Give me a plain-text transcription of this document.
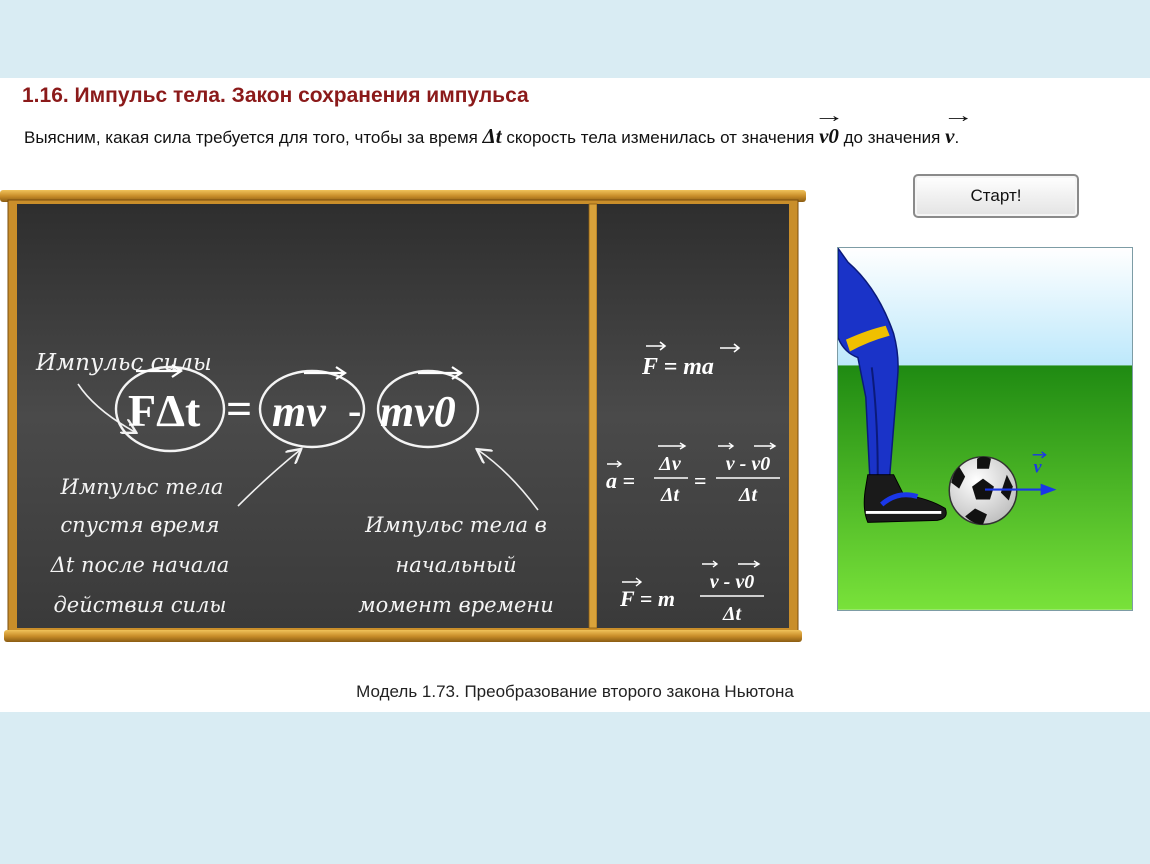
1.16. Импульс тела. Закон сохранения импульса
Выясним, какая сила требуется для того, чтобы за время Δt скорость тела изменилась от значения → v0 до значения → v.
Старт!
Импульс силы
FΔt = mv - mv0
Импульс тела
спустя время
Δt после начала
действия силы
Импульс тела в
начальный
момент времени
F = ma
a =
Δv
Δt
=
v - v0
Δt
F = m
v - v0
Δt
v
Модель 1.73. Преобразование второго закона Ньютона
